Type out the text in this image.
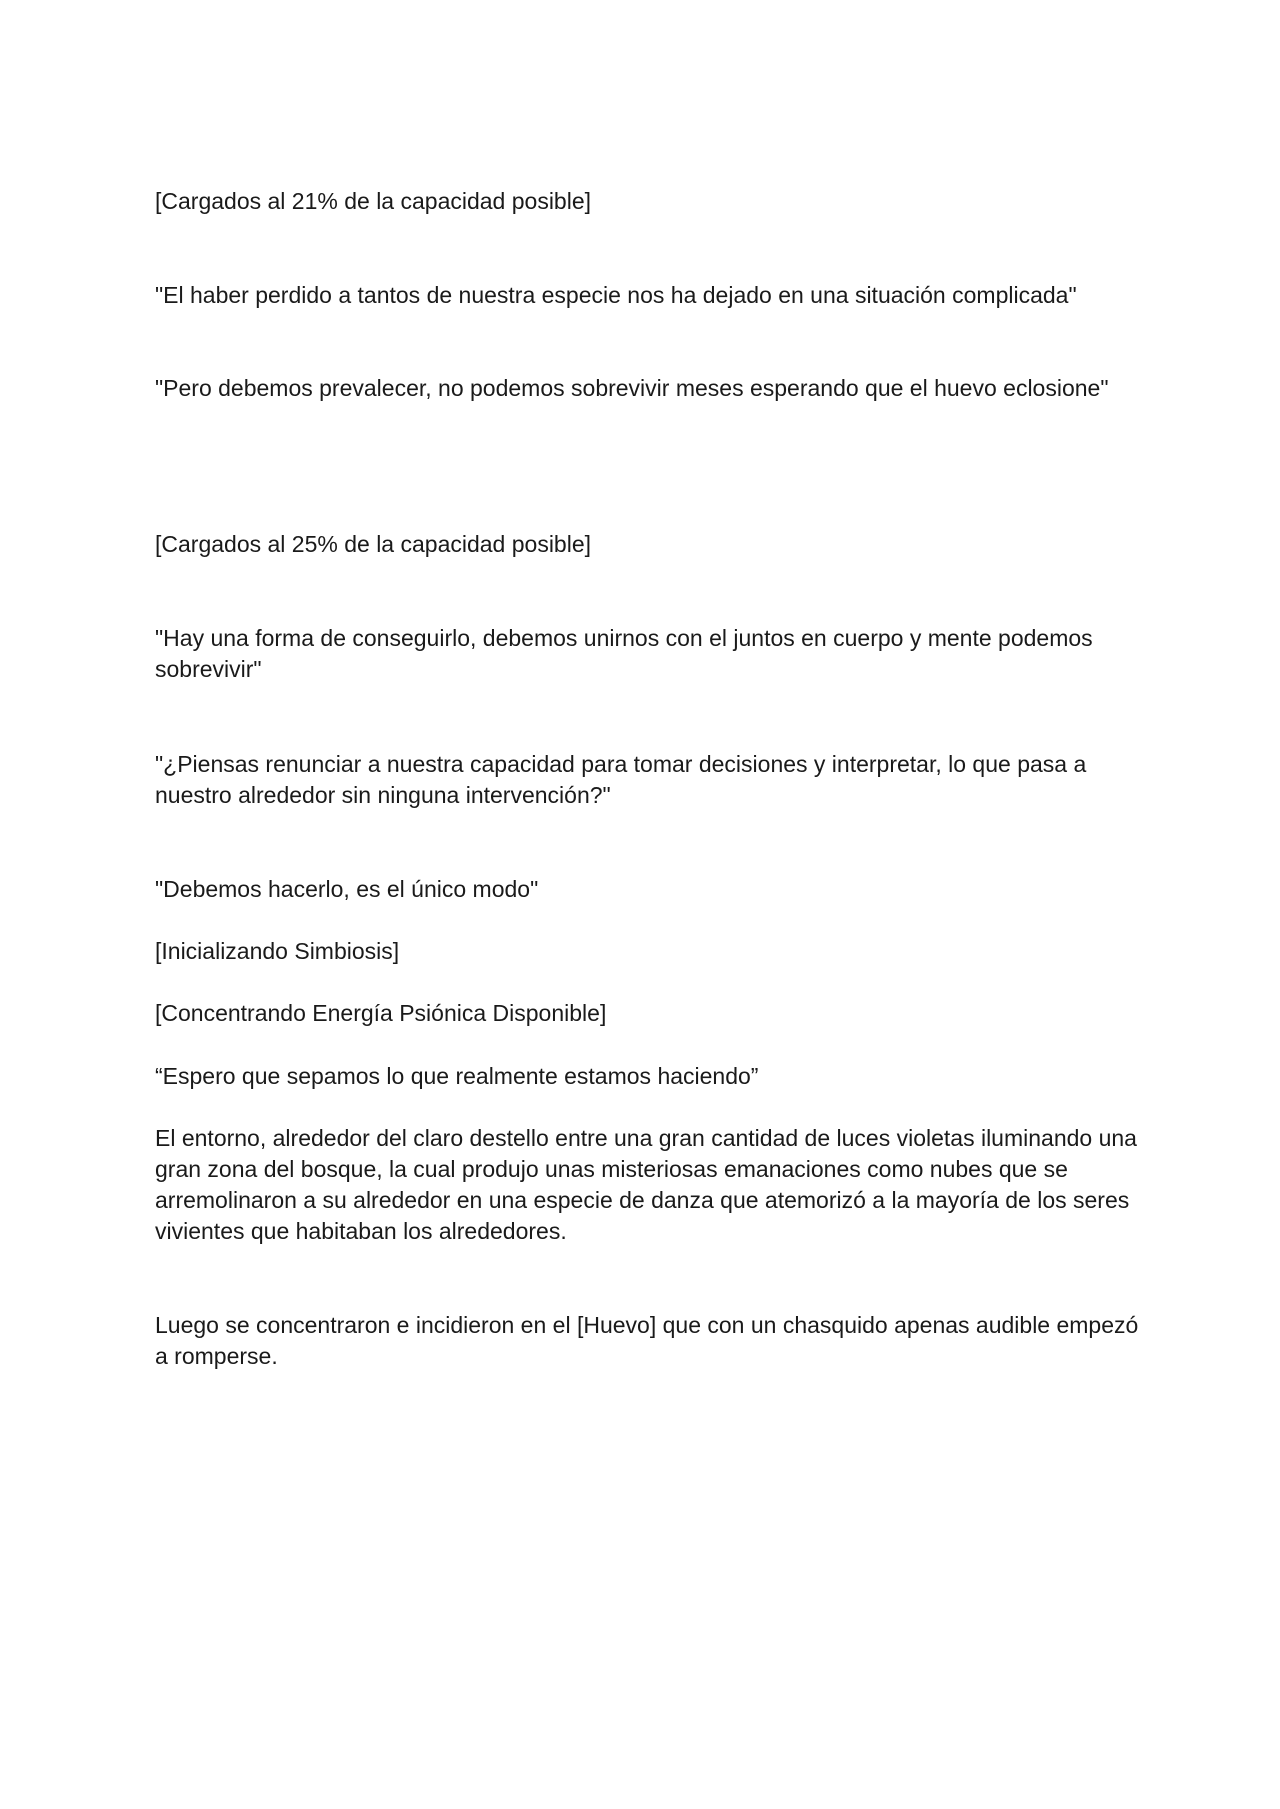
[Cargados al 21% de la capacidad posible]

"El haber perdido a tantos de nuestra especie nos ha dejado en una situación complicada"

"Pero debemos prevalecer, no podemos sobrevivir meses esperando que el huevo eclosione"

[Cargados al 25% de la capacidad posible]

"Hay una forma de conseguirlo, debemos unirnos con el juntos en cuerpo y mente podemos sobrevivir"

"¿Piensas renunciar a nuestra capacidad para tomar decisiones y interpretar, lo que pasa a nuestro alrededor sin ninguna intervención?"

"Debemos hacerlo, es el único modo"

[Inicializando Simbiosis]

[Concentrando Energía Psiónica Disponible]

“Espero que sepamos lo que realmente estamos haciendo”

El entorno, alrededor del claro destello entre una gran cantidad de luces violetas iluminando una gran zona del bosque, la cual produjo unas misteriosas emanaciones como nubes que se arremolinaron a su alrededor en una especie de danza que atemorizó a la mayoría de los seres vivientes que habitaban los alrededores.

Luego se concentraron e incidieron en el [Huevo] que con un chasquido apenas audible empezó a romperse.
